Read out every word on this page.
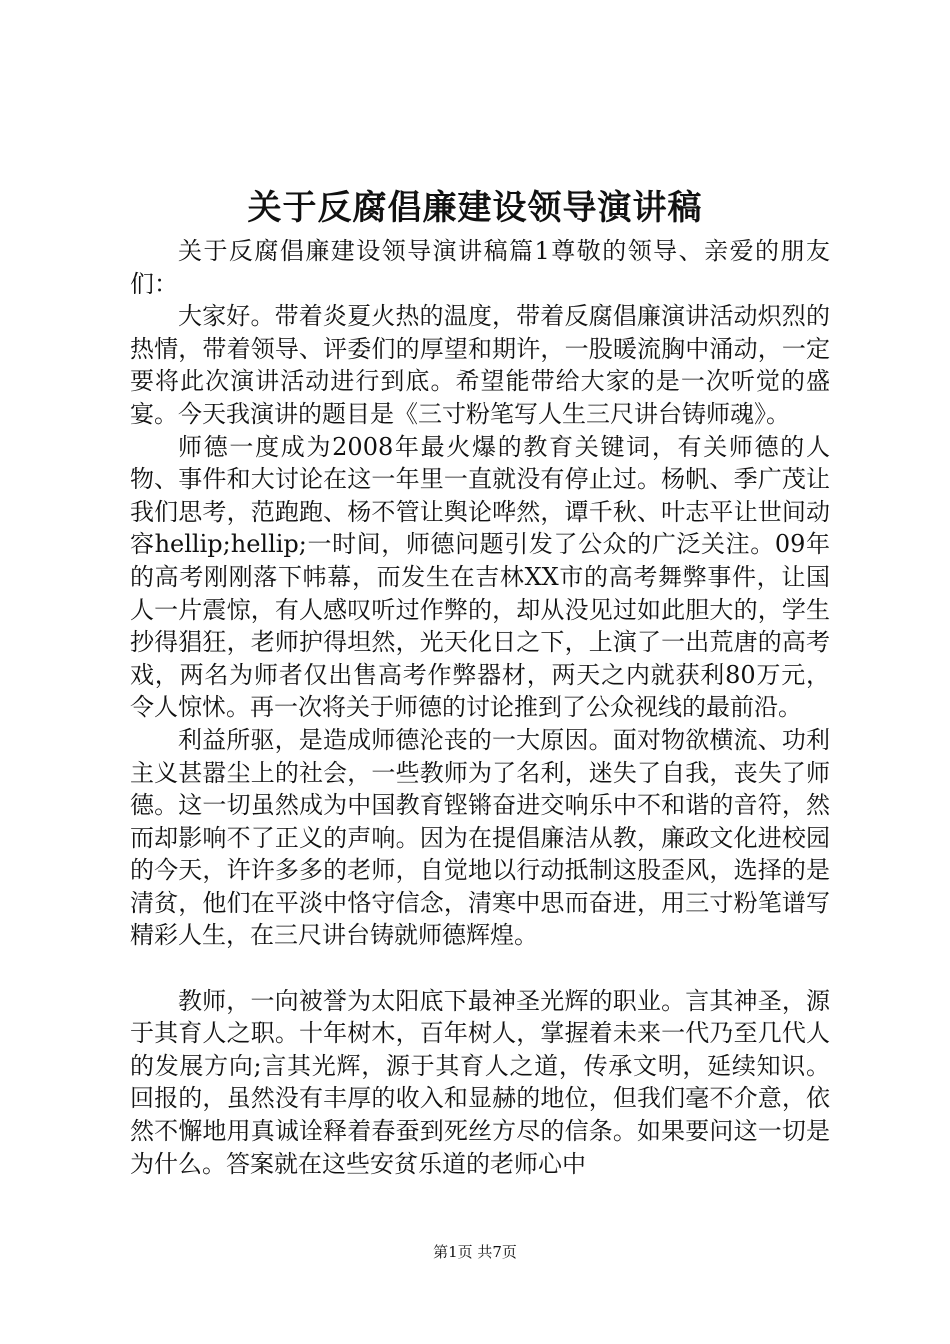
关于反腐倡廉建设领导演讲稿

关于反腐倡廉建设领导演讲稿篇1尊敬的领导、亲爱的朋友们：

大家好。带着炎夏火热的温度，带着反腐倡廉演讲活动炽烈的热情，带着领导、评委们的厚望和期许，一股暖流胸中涌动，一定要将此次演讲活动进行到底。希望能带给大家的是一次听觉的盛宴。今天我演讲的题目是《三寸粉笔写人生三尺讲台铸师魂》。

师德一度成为2008年最火爆的教育关键词，有关师德的人物、事件和大讨论在这一年里一直就没有停止过。杨帆、季广茂让我们思考，范跑跑、杨不管让舆论哗然，谭千秋、叶志平让世间动容hellip;hellip;一时间，师德问题引发了公众的广泛关注。09年的高考刚刚落下帏幕，而发生在吉林XX市的高考舞弊事件，让国人一片震惊，有人感叹听过作弊的，却从没见过如此胆大的，学生抄得猖狂，老师护得坦然，光天化日之下，上演了一出荒唐的高考戏，两名为师者仅出售高考作弊器材，两天之内就获利80万元，令人惊怵。再一次将关于师德的讨论推到了公众视线的最前沿。

利益所驱，是造成师德沦丧的一大原因。面对物欲横流、功利主义甚嚣尘上的社会，一些教师为了名利，迷失了自我，丧失了师德。这一切虽然成为中国教育铿锵奋进交响乐中不和谐的音符，然而却影响不了正义的声响。因为在提倡廉洁从教，廉政文化进校园的今天，许许多多的老师，自觉地以行动抵制这股歪风，选择的是清贫，他们在平淡中恪守信念，清寒中思而奋进，用三寸粉笔谱写精彩人生，在三尺讲台铸就师德辉煌。

教师，一向被誉为太阳底下最神圣光辉的职业。言其神圣，源于其育人之职。十年树木，百年树人，掌握着未来一代乃至几代人的发展方向;言其光辉，源于其育人之道，传承文明，延续知识。回报的，虽然没有丰厚的收入和显赫的地位，但我们毫不介意，依然不懈地用真诚诠释着春蚕到死丝方尽的信条。如果要问这一切是为什么。答案就在这些安贫乐道的老师心中

第1页 共7页
